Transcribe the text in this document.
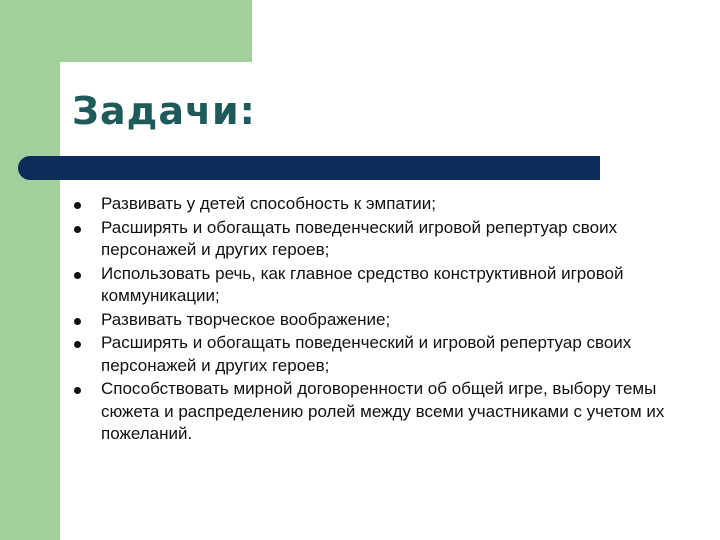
Задачи:
Развивать у детей способность к эмпатии;
Расширять и обогащать поведенческий игровой репертуар своих персонажей и других героев;
Использовать речь, как главное средство конструктивной игровой коммуникации;
Развивать творческое воображение;
Расширять и обогащать поведенческий и игровой репертуар своих персонажей и других героев;
Способствовать мирной договоренности об общей игре, выбору темы сюжета и распределению ролей между всеми участниками с учетом их пожеланий.
